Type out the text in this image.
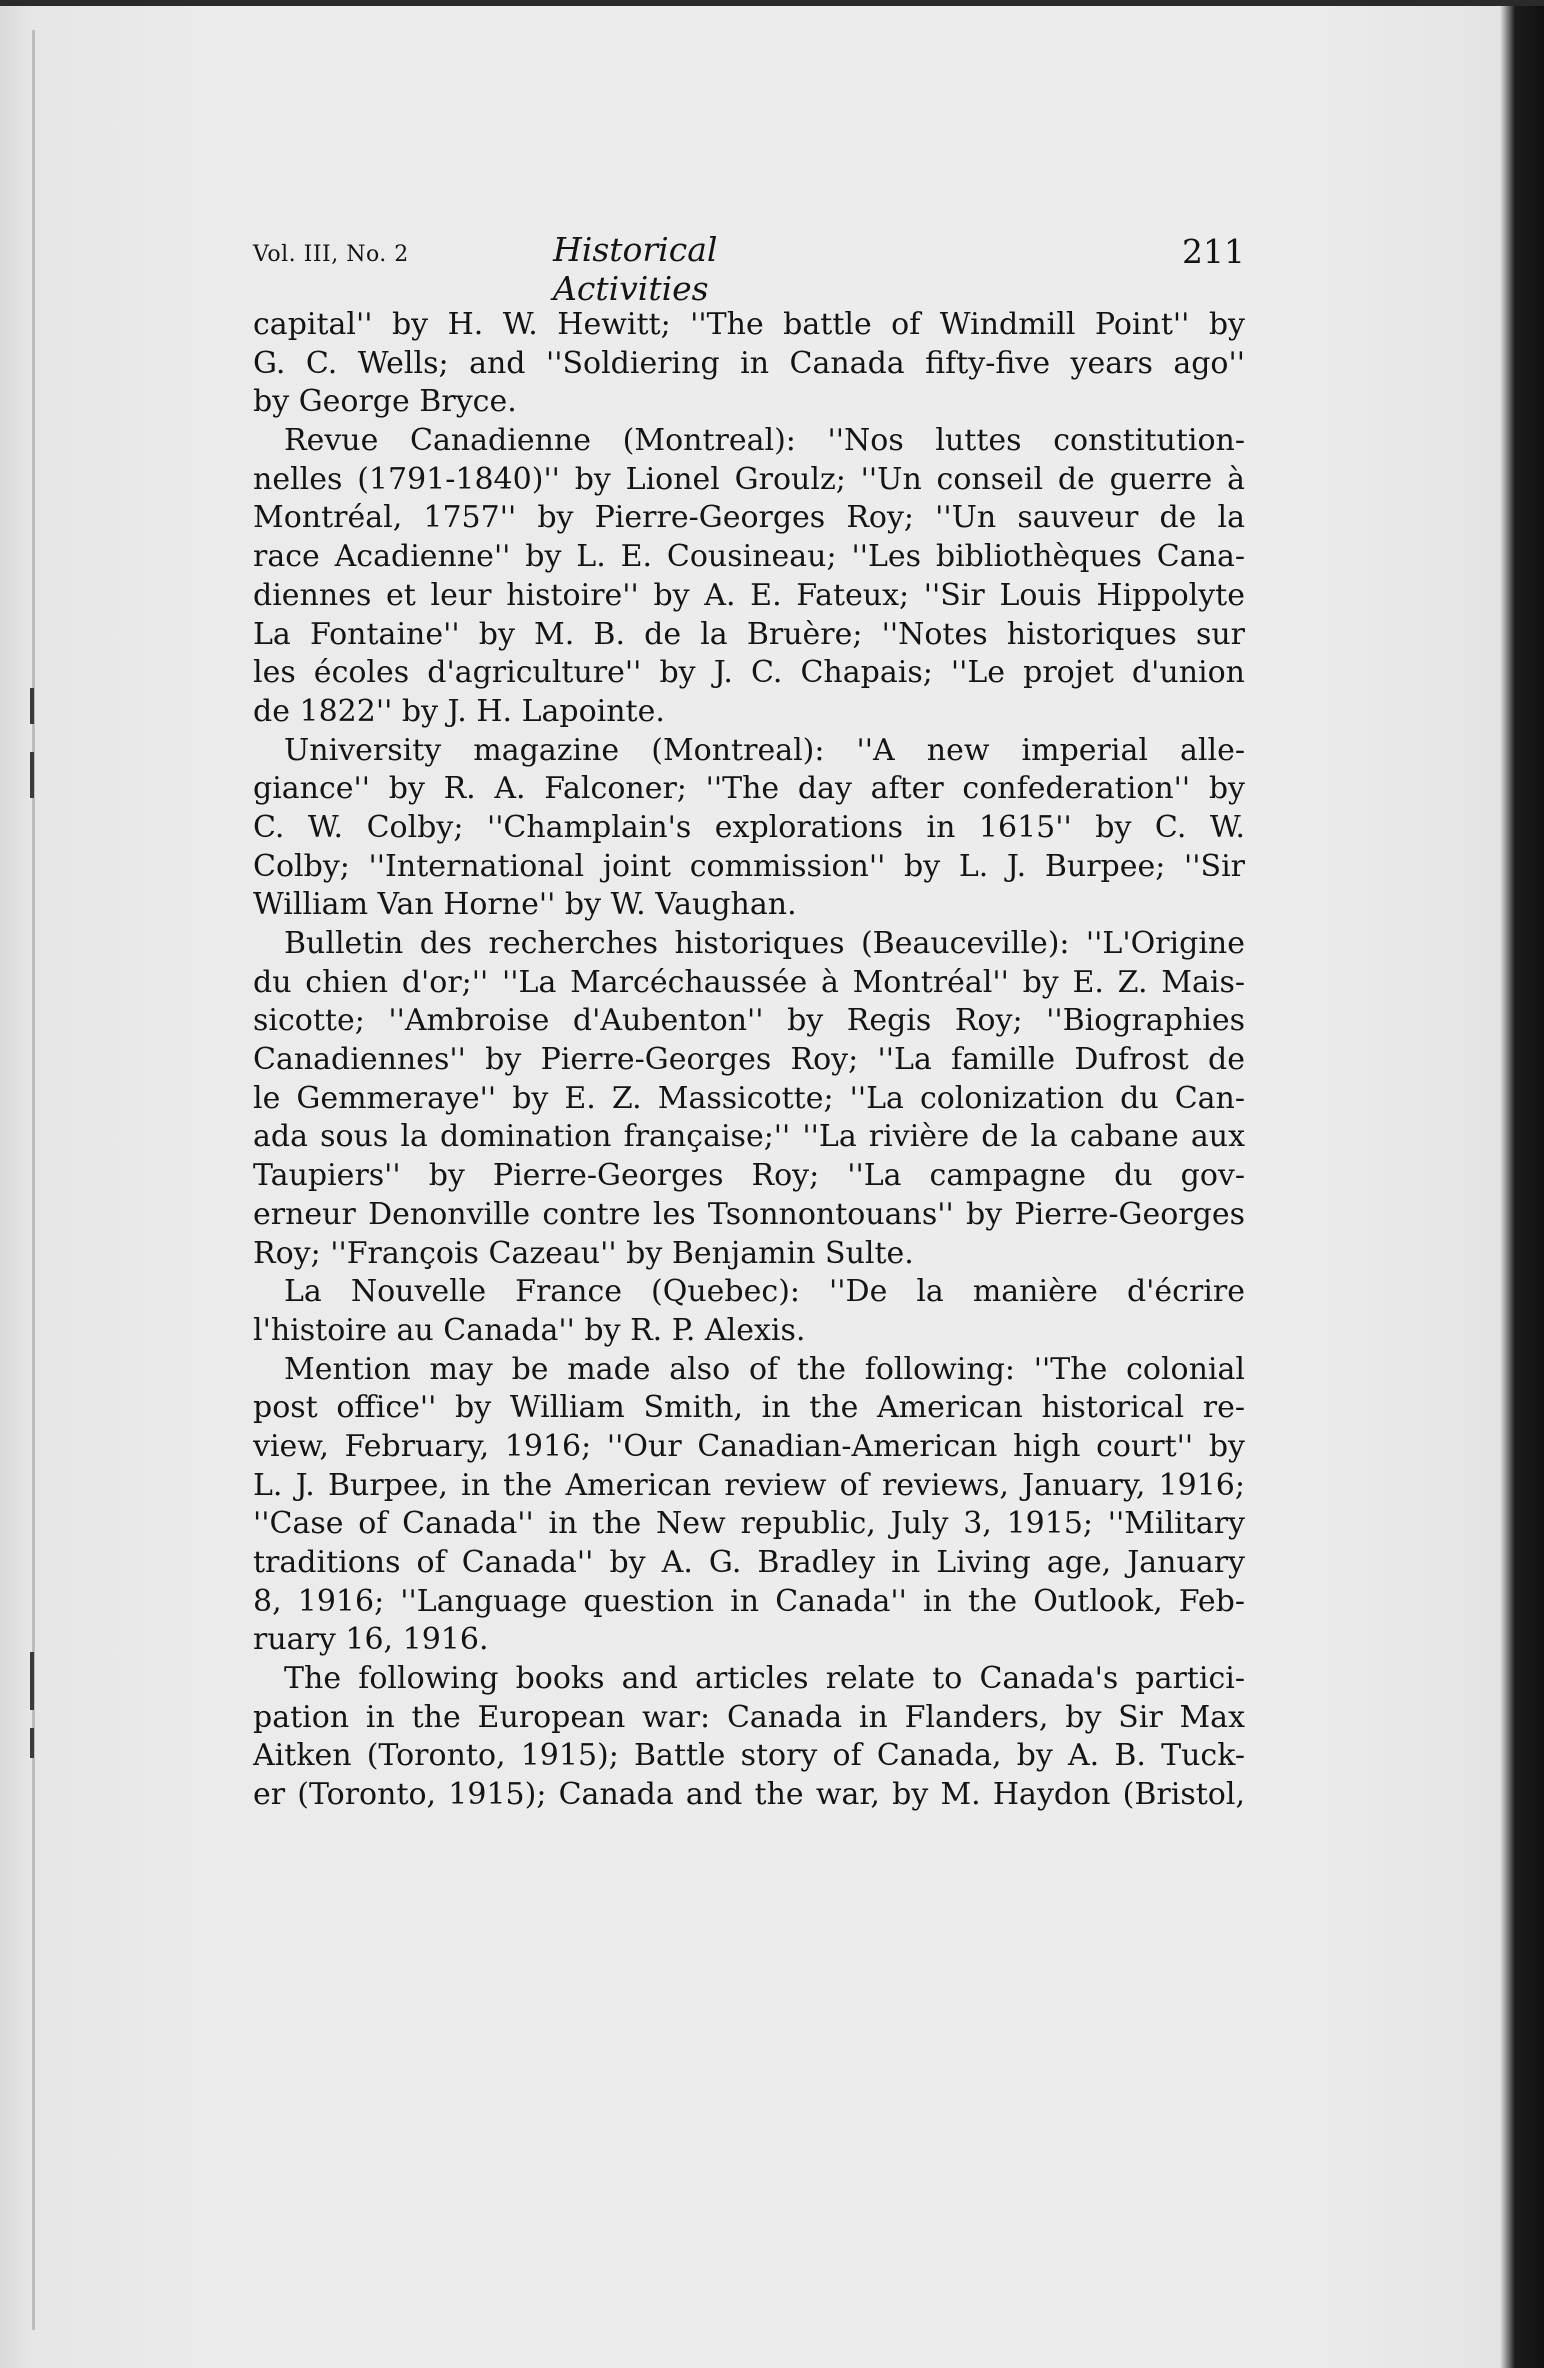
Vol. III, No. 2	Historical Activities
211
capital'' by H. W. Hewitt; ''The battle of Windmill Point'' by
G. C. Wells; and ''Soldiering in Canada fifty-five years ago''
by George Bryce.
Revue Canadienne (Montreal): ''Nos luttes constitution-
nelles (1791-1840)'' by Lionel Groulz; ''Un conseil de guerre à
Montréal, 1757'' by Pierre-Georges Roy; ''Un sauveur de la
race Acadienne'' by L. E. Cousineau; ''Les bibliothèques Cana-
diennes et leur histoire'' by A. E. Fateux; ''Sir Louis Hippolyte
La Fontaine'' by M. B. de la Bruère; ''Notes historiques sur
les écoles d'agriculture'' by J. C. Chapais; ''Le projet d'union
de 1822'' by J. H. Lapointe.
University magazine (Montreal): ''A new imperial alle-
giance'' by R. A. Falconer; ''The day after confederation'' by
C. W. Colby; ''Champlain's explorations in 1615'' by C. W.
Colby; ''International joint commission'' by L. J. Burpee; ''Sir
William Van Horne'' by W. Vaughan.
Bulletin des recherches historiques (Beauceville): ''L'Origine
du chien d'or;'' ''La Marcéchaussée à Montréal'' by E. Z. Mais-
sicotte; ''Ambroise d'Aubenton'' by Regis Roy; ''Biographies
Canadiennes'' by Pierre-Georges Roy; ''La famille Dufrost de
le Gemmeraye'' by E. Z. Massicotte; ''La colonization du Can-
ada sous la domination française;'' ''La rivière de la cabane aux
Taupiers'' by Pierre-Georges Roy; ''La campagne du gov-
erneur Denonville contre les Tsonnontouans'' by Pierre-Georges
Roy; ''François Cazeau'' by Benjamin Sulte.
La Nouvelle France (Quebec): ''De la manière d'écrire
l'histoire au Canada'' by R. P. Alexis.
Mention may be made also of the following: ''The colonial
post office'' by William Smith, in the American historical re-
view, February, 1916; ''Our Canadian-American high court'' by
L. J. Burpee, in the American review of reviews, January, 1916;
''Case of Canada'' in the New republic, July 3, 1915; ''Military
traditions of Canada'' by A. G. Bradley in Living age, January
8, 1916; ''Language question in Canada'' in the Outlook, Feb-
ruary 16, 1916.
The following books and articles relate to Canada's partici-
pation in the European war: Canada in Flanders, by Sir Max
Aitken (Toronto, 1915); Battle story of Canada, by A. B. Tuck-
er (Toronto, 1915); Canada and the war, by M. Haydon (Bristol,
